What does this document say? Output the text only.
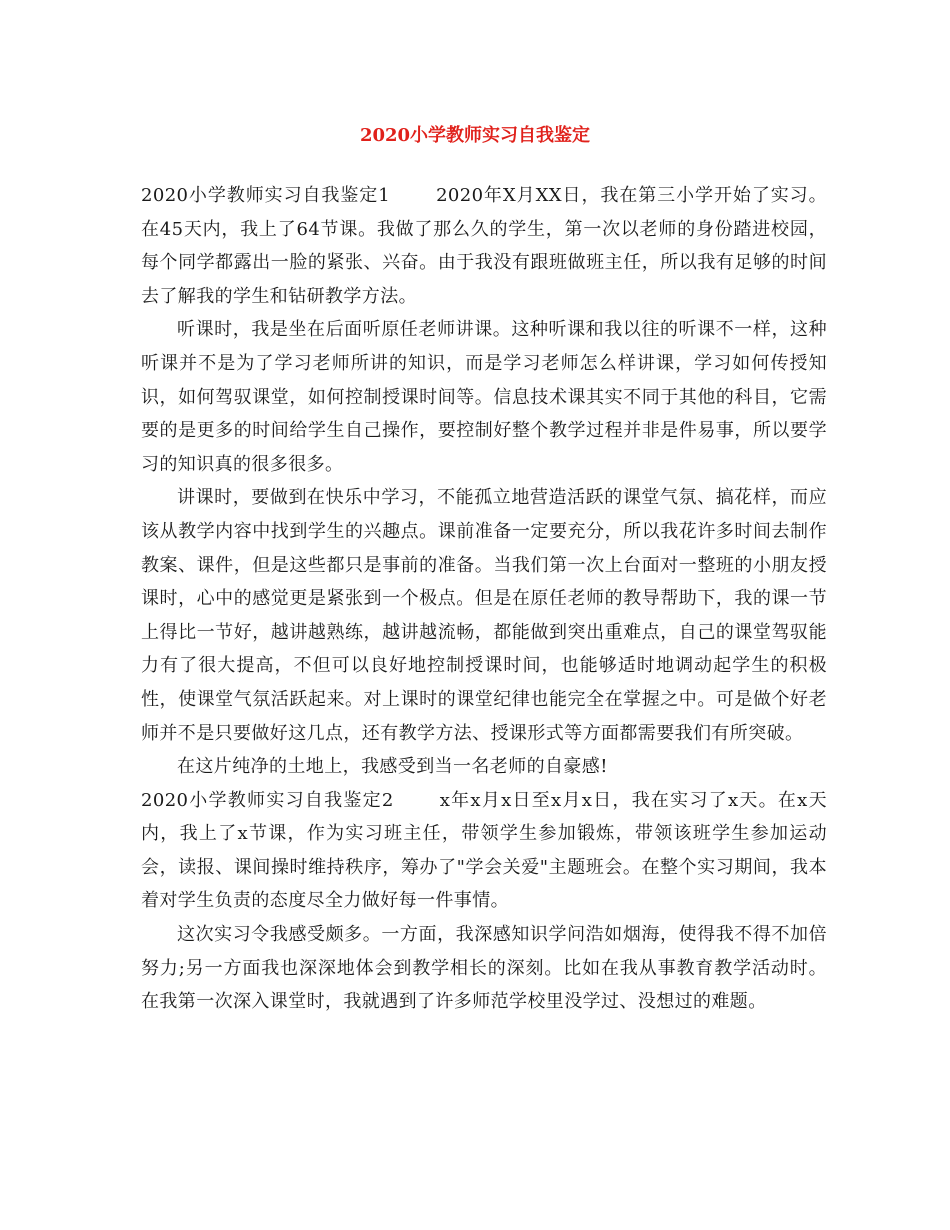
2020小学教师实习自我鉴定

2020小学教师实习自我鉴定1	2020年X月XX日，我在第三小学开始了实习。在45天内，我上了64节课。我做了那么久的学生，第一次以老师的身份踏进校园，每个同学都露出一脸的紧张、兴奋。由于我没有跟班做班主任，所以我有足够的时间去了解我的学生和钻研教学方法。

听课时，我是坐在后面听原任老师讲课。这种听课和我以往的听课不一样，这种听课并不是为了学习老师所讲的知识，而是学习老师怎么样讲课，学习如何传授知识，如何驾驭课堂，如何控制授课时间等。信息技术课其实不同于其他的科目，它需要的是更多的时间给学生自己操作，要控制好整个教学过程并非是件易事，所以要学习的知识真的很多很多。

讲课时，要做到在快乐中学习，不能孤立地营造活跃的课堂气氛、搞花样，而应该从教学内容中找到学生的兴趣点。课前准备一定要充分，所以我花许多时间去制作教案、课件，但是这些都只是事前的准备。当我们第一次上台面对一整班的小朋友授课时，心中的感觉更是紧张到一个极点。但是在原任老师的教导帮助下，我的课一节上得比一节好，越讲越熟练，越讲越流畅，都能做到突出重难点，自己的课堂驾驭能力有了很大提高，不但可以良好地控制授课时间，也能够适时地调动起学生的积极性，使课堂气氛活跃起来。对上课时的课堂纪律也能完全在掌握之中。可是做个好老师并不是只要做好这几点，还有教学方法、授课形式等方面都需要我们有所突破。

在这片纯净的土地上，我感受到当一名老师的自豪感!

2020小学教师实习自我鉴定2	x年x月x日至x月x日，我在实习了x天。在x天内，我上了x节课，作为实习班主任，带领学生参加锻炼，带领该班学生参加运动会，读报、课间操时维持秩序，筹办了"学会关爱"主题班会。在整个实习期间，我本着对学生负责的态度尽全力做好每一件事情。

这次实习令我感受颇多。一方面，我深感知识学问浩如烟海，使得我不得不加倍努力;另一方面我也深深地体会到教学相长的深刻。比如在我从事教育教学活动时。在我第一次深入课堂时，我就遇到了许多师范学校里没学过、没想过的难题。
